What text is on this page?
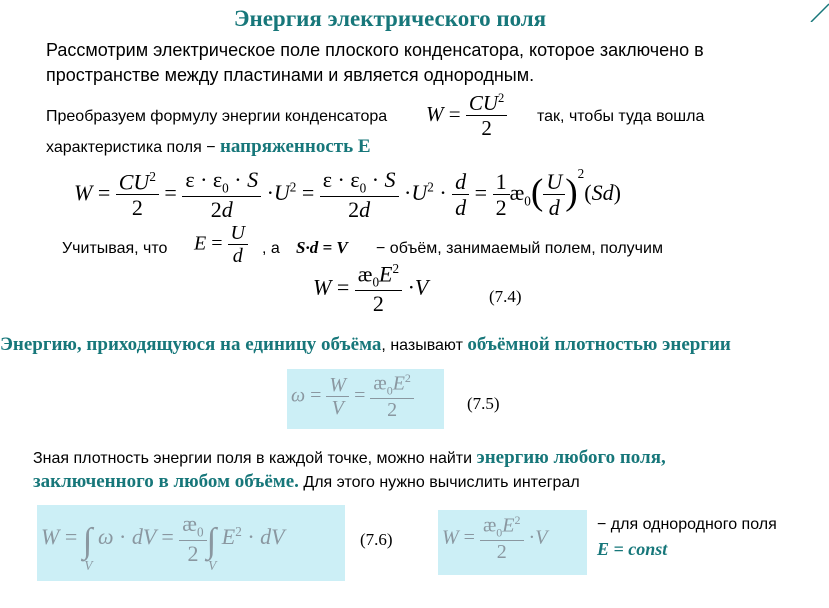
Энергия электрического поля
Рассмотрим электрическое поле плоского конденсатора, которое заключено в
пространстве между пластинами и является однородным.
Преобразуем формулу энергии конденсатора $W = \frac{CU^2}{2}$ так, чтобы туда вошла
характеристика поля − напряженность Е
$W = \frac{CU^2}{2} = \frac{\varepsilon \cdot \varepsilon_0 \cdot S}{2d} \cdot U^2 = \frac{\varepsilon \cdot \varepsilon_0 \cdot S}{2d} \cdot U^2 \cdot \frac{d}{d} = \frac{1}{2}$ $æ_0( \frac{U}{d} )^2(Sd)$
Учитывая, что $E = \frac{U}{d}$ , а S·d = V − объём, занимаемый полем, получим
$W = \frac{æ_0E^2}{2} \cdot V$	(7.4)
Энергию, приходящуюся на единицу объёма, называют объёмной плотностью энергии
$\omega = \frac{W}{V} = \frac{æ_0E^2}{2}$	(7.5)
Зная плотность энергии поля в каждой точке, можно найти энергию любого поля,
заключенного в любом объёме. Для этого нужно вычислить интеграл
$W = \int_V$ ω · dV = $\frac{æ_0}{2} \int_V$ $E^2$ · dV	(7.6) $W = \frac{æ_0E^2}{2} \cdot V$
− для однородного поля
E = const
